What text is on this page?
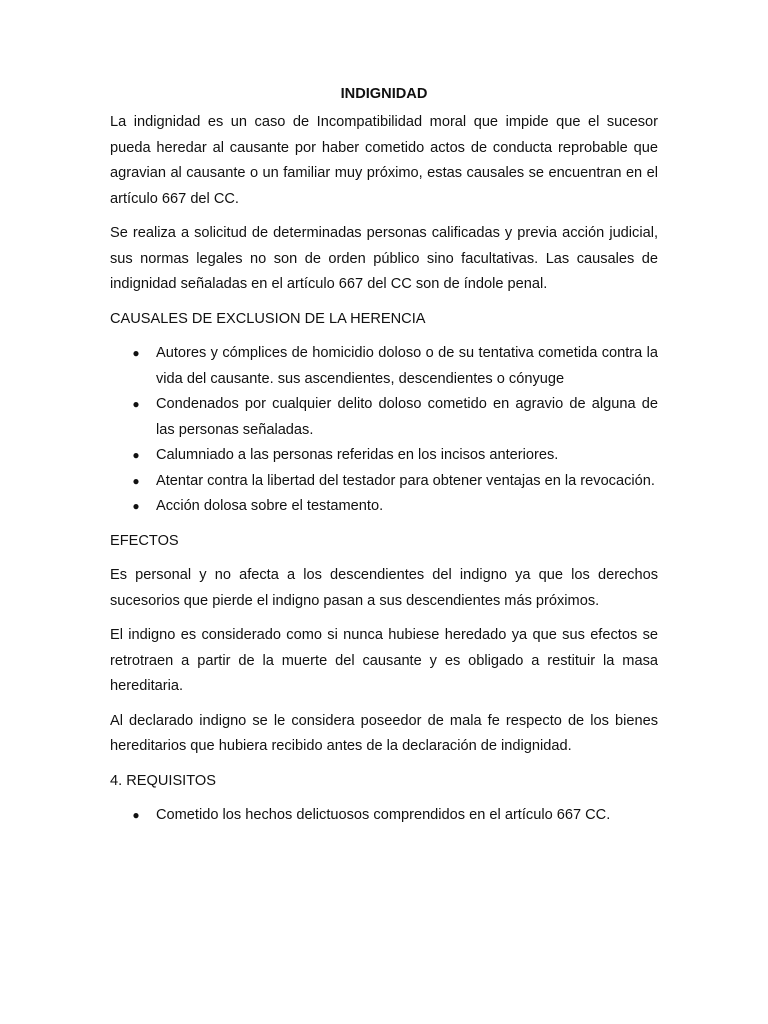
INDIGNIDAD

La indignidad es un caso de Incompatibilidad moral que impide que el sucesor pueda heredar al causante por haber cometido actos de conducta reprobable que agravian al causante o un familiar muy próximo, estas causales se encuentran en el artículo 667 del CC.

Se realiza a solicitud de determinadas personas calificadas y previa acción judicial, sus normas legales no son de orden público sino facultativas. Las causales de indignidad señaladas en el artículo 667 del CC son de índole penal.

CAUSALES DE EXCLUSION DE LA HERENCIA
● Autores y cómplices de homicidio doloso o de su tentativa cometida contra la vida del causante. sus ascendientes, descendientes o cónyuge
● Condenados por cualquier delito doloso cometido en agravio de alguna de las personas señaladas.
● Calumniado a las personas referidas en los incisos anteriores.
● Atentar contra la libertad del testador para obtener ventajas en la revocación.
● Acción dolosa sobre el testamento.
EFECTOS

Es personal y no afecta a los descendientes del indigno ya que los derechos sucesorios que pierde el indigno pasan a sus descendientes más próximos.

El indigno es considerado como si nunca hubiese heredado ya que sus efectos se retrotraen a partir de la muerte del causante y es obligado a restituir la masa hereditaria.

Al declarado indigno se le considera poseedor de mala fe respecto de los bienes hereditarios que hubiera recibido antes de la declaración de indignidad.

4. REQUISITOS
● Cometido los hechos delictuosos comprendidos en el artículo 667 CC.
